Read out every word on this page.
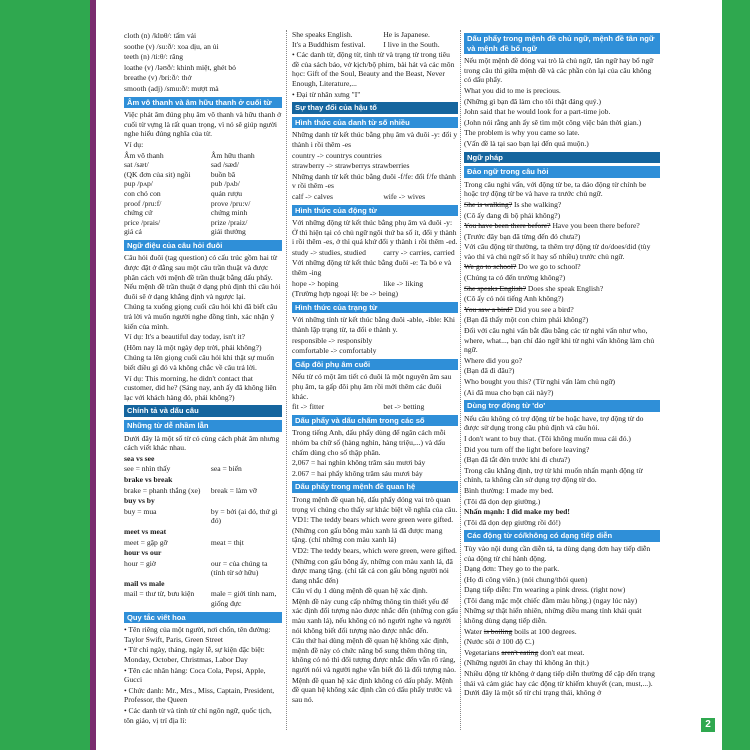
cloth (n) /klɒθ/: tấm vải

soothe (v) /su:ð/: xoa dịu, an ủi

teeth (n) /ti:θ/: răng

loathe (v) /ləʊð/: khinh miệt, ghét bỏ

breathe (v) /bri:ð/: thở

smooth (adj) /smu:ð/: mượt mà

Âm vô thanh và âm hữu thanh ở cuối từ

Việc phát âm đúng phụ âm vô thanh và hữu thanh ở cuối từ vựng là rất quan trọng, vì nó sẽ giúp người nghe hiểu đúng nghĩa của từ.

Ví dụ:

Âm vô thanh	Âm hữu thanh
sat /sæt/	sad /sæd/
(QK đơn của sit) ngồi	buồn bã
pup /pʌp/	pub /pʌb/
con chó con	quán rượu
proof /pru:f/	prove /pru:v/
chứng cứ	chứng minh
price /prais/	prize /praiz/
giá cả	giải thưởng
Ngữ điệu của câu hỏi đuôi

Câu hỏi đuôi (tag question) có cấu trúc gồm hai từ được đặt ở đằng sau một câu trần thuật và được phân cách với mệnh đề trần thuật bằng dấu phẩy. Nếu mệnh đề trần thuật ở dạng phủ định thì câu hỏi đuôi sẽ ở dạng khẳng định và ngược lại.

Chúng ta xuống giọng cuối câu hỏi khi đã biết câu trả lời và muốn người nghe đồng tình, xác nhận ý kiến của mình.

Ví dụ: It's a beautiful day today, isn't it?

(Hôm nay là một ngày đẹp trời, phải không?)

Chúng ta lên giọng cuối câu hỏi khi thật sự muốn biết điều gì đó và không chắc về câu trả lời.

Ví dụ: This morning, he didn't contact that customer, did he? (Sáng nay, anh ấy đã không liên lạc với khách hàng đó, phải không?)

Chính tả và dấu câu
Những từ dễ nhầm lẫn

Dưới đây là một số từ có cùng cách phát âm nhưng cách viết khác nhau.

sea vs see

see = nhìn thấy	sea = biển

brake vs break

brake = phanh thắng (xe)	break = làm vỡ

buy vs by

buy = mua	by = bởi (ai đó, thứ gì đó)

meet vs meat

meet = gặp gỡ	meat = thịt

hour vs our

hour = giờ	our = của chúng ta (tính từ sở hữu)

mail vs male

mail = thư từ, bưu kiện	male = giới tính nam, giống đực
Quy tắc viết hoa

• Tên riêng của một người, nơi chốn, tên đường: Taylor Swift, Paris, Green Street

• Từ chỉ ngày, tháng, ngày lễ, sự kiện đặc biệt: Monday, October, Christmas, Labor Day

• Tên các nhãn hàng: Coca Cola, Pepsi, Apple, Gucci

• Chức danh: Mr., Mrs., Miss, Captain, President, Professor, the Queen

• Các danh từ và tính từ chỉ ngôn ngữ, quốc tịch, tôn giáo, vị trí địa lí:

She speaks English.	He is Japanese.
It's a Buddhism festival.	I live in the South.

• Các danh từ, động từ, tính từ và trạng từ trong tiêu đề của sách báo, vở kịch/bộ phim, bài hát và các môn học: Gift of the Soul, Beauty and the Beast, Never Enough, Literature,...

• Đại từ nhân xưng "I"

Sự thay đổi của hậu tố
Hình thức của danh từ số nhiều

Những danh từ kết thúc bằng phụ âm và đuôi -y: đổi y thành i rồi thêm -es

country -> countrys countries

strawberry -> strawberrys strawberries

Những danh từ kết thúc bằng đuôi -f/fe: đổi f/fe thành v rồi thêm -es

calf -> calves	wife -> wives
Hình thức của động từ

Với những động từ kết thúc bằng phụ âm và đuôi -y: Ở thì hiện tại có chủ ngữ ngôi thứ ba số ít, đổi y thành i rồi thêm -es, ở thì quá khứ đổi y thành i rồi thêm -ed.

study -> studies, studied	carry -> carries, carried

Với những động từ kết thúc bằng đuôi -e: Ta bỏ e và thêm -ing

hope -> hoping	like -> liking

(Trường hợp ngoại lệ: be -> being)

Hình thức của trạng từ

Với những tính từ kết thúc bằng đuôi -able, -ible: Khi thành lập trạng từ, ta đổi e thành y.

responsible -> responsibly

comfortable -> comfortably

Gấp đôi phụ âm cuối

Nếu từ có một âm tiết có đuôi là một nguyên âm sau phụ âm, ta gấp đôi phụ âm rồi mới thêm các đuôi khác.

fit -> fitter	bet -> betting
Dấu phẩy và dấu chấm trong các số

Trong tiếng Anh, dấu phẩy dùng để ngăn cách mỗi nhóm ba chữ số (hàng nghìn, hàng triệu,...) và dấu chấm dùng cho số thập phân.

2,067 = hai nghìn không trăm sáu mươi bảy

2.067 = hai phẩy không trăm sáu mươi bảy

Dấu phẩy trong mệnh đề quan hệ

Trong mệnh đề quan hệ, dấu phẩy đóng vai trò quan trọng vì chúng cho thấy sự khác biệt về nghĩa của câu.

VD1: The teddy bears which were green were gifted.

(Những con gấu bông màu xanh lá đã được mang tặng. (chỉ những con màu xanh lá)

VD2: The teddy bears, which were green, were gifted.

(Những con gấu bông ấy, những con màu xanh lá, đã được mang tặng. (chỉ tất cả con gấu bông người nói đang nhắc đến)

Câu ví dụ 1 dùng mệnh đề quan hệ xác định.

Mệnh đề này cung cấp những thông tin thiết yếu để xác định đối tượng nào được nhắc đến (những con gấu màu xanh lá), nếu không có nó người nghe và người nói không biết đối tượng nào được nhắc đến.

Câu thứ hai dùng mệnh đề quan hệ không xác định, mệnh đề này có chức năng bổ sung thêm thông tin, không có nó thì đối tượng được nhắc đến vẫn rõ ràng, người nói và người nghe vẫn biết đó là đối tượng nào.

Mệnh đề quan hệ xác định không có dấu phẩy. Mệnh đề quan hệ không xác định cần có dấu phẩy trước và sau nó.

Dấu phẩy trong mệnh đề chủ ngữ, mệnh đề tân ngữ và mệnh đề bổ ngữ

Nếu một mệnh đề đóng vai trò là chủ ngữ, tân ngữ hay bổ ngữ trong câu thì giữa mệnh đề và các phần còn lại của câu không có dấu phẩy.

What you did to me is precious.

(Những gì bạn đã làm cho tôi thật đáng quý.)

John said that he would look for a part-time job.

(John nói rằng anh ấy sẽ tìm một công việc bán thời gian.)

The problem is why you came so late.

(Vấn đề là tại sao bạn lại đến quá muộn.)

Ngữ pháp
Đảo ngữ trong câu hỏi

Trong câu nghi vấn, với động từ be, ta đảo động từ chính be hoặc trợ động từ be và have ra trước chủ ngữ.

She is walking? Is she walking?

(Cô ấy đang đi bộ phải không?)

You have been there before? Have you been there before?

(Trước đây bạn đã từng đến đó chưa?)

Với câu động từ thường, ta thêm trợ động từ do/does/did (tùy vào thì và chủ ngữ số ít hay số nhiều) trước chủ ngữ.

We go to school? Do we go to school?

(Chúng ta có đến trường không?)

She speaks English? Does she speak English?

(Cô ấy có nói tiếng Anh không?)

You saw a bird? Did you see a bird?

(Bạn đã thấy một con chim phải không?)

Đối với câu nghi vấn bắt đầu bằng các từ nghi vấn như who, where, what..., bạn chỉ đảo ngữ khi từ nghi vấn không làm chủ ngữ.

Where did you go?

(Bạn đã đi đâu?)

Who bought you this? (Từ nghi vấn làm chủ ngữ)

(Ai đã mua cho bạn cái này?)

Dùng trợ động từ 'do'

Nếu câu không có trợ động từ be hoặc have, trợ động từ do được sử dụng trong câu phủ định và câu hỏi.

I don't want to buy that. (Tôi không muốn mua cái đó.)

Did you turn off the light before leaving?

(Bạn đã tắt đèn trước khi đi chưa?)

Trong câu khẳng định, trợ từ khi muốn nhấn mạnh động từ chính, ta không cần sử dụng trợ động từ do.

Bình thường: I made my bed.

(Tôi đã dọn dẹp giường.)

Nhấn mạnh: I did make my bed!

(Tôi đã dọn dẹp giường rồi đó!)

Các động từ có/không có dạng tiếp diễn

Tùy vào nội dung cần diễn tả, ta dùng dạng đơn hay tiếp diễn của động từ chỉ hành động.

Dạng đơn: They go to the park.

(Họ đi công viên.) (nói chung/thói quen)

Dạng tiếp diễn: I'm wearing a pink dress. (right now)

(Tôi đang mặc một chiếc đầm màu hồng.) (ngay lúc này)

Những sự thật hiển nhiên, những điều mang tính khái quát không dùng dạng tiếp diễn.

Water is boiling boils at 100 degrees.

(Nước sôi ở 100 độ C.)

Vegetarians aren't eating don't eat meat.

(Những người ăn chay thì không ăn thịt.)

Nhiều động từ không ở dạng tiếp diễn thường để cập đến trạng thái và cảm giác hay các động từ khiếm khuyết (can, must,...). Dưới đây là một số từ chỉ trạng thái, không ở

2
